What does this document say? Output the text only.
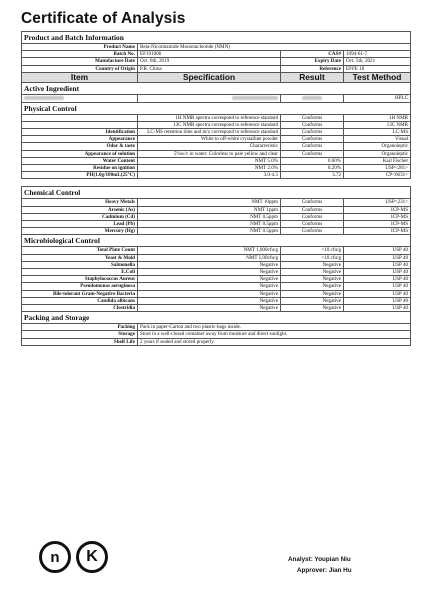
Certificate of Analysis
Product and Batch Information			
Product Name	Beta-Nicotinamide Mononucleotide (NMN)		
Batch No.	EF191006	CAS#	1094-61-7
Manufacture Date	Oct. 6th, 2019	Expiry Date	Oct. 5th, 2021
Country of Origin	P.R. China	Reference	EFFE 18
Item	Specification	Result	Test Method
Active Ingredient			
			HPLC
Physical Control			
	1H NMR spectra correspond to reference standard	Conforms	1H NMR
	13C NMR spectra correspond to reference standard	Conforms	13C NMR
Identification	LC-MS retention time and m/z correspond to reference standard	Conforms	LC-MS
Appearance	White to off-white crystalline powder	Conforms	Visual
Odor & taste	Characteristic	Conforms	Organoleptic
Appearance of solution	5%w/v in water: Colorless to pale yellow and clear	Conforms	Organoleptic
Water Content	NMT 5.0%	0.60%	Karl Fischer
Residue on ignition	NMT 2.0%	0.20%	USP<281>
PH(1.0g/100mL(25°C)	3.0-4.5	3.72	CP<0631>

Chemical Control			
Heavy Metals	NMT 10ppm	Conforms	USP<231>
Arsenic (As)	NMT 1ppm	Conforms	ICP-MS
Cadmium (Cd)	NMT 0.5ppm	Conforms	ICP-MS
Lead (Pb)	NMT 0.5ppm	Conforms	ICP-MS
Mercury (Hg)	NMT 0.5ppm	Conforms	ICP-MS
Microbiological Control			
Total Plate Count	NMT 1,000cfu/g	<10 cfu/g	USP 40
Yeast & Mold	NMT 1,00cfu/g	<10 cfu/g	USP 40
Salmonella	Negative	Negative	USP 40
E.Coli	Negative	Negative	USP 40
Staphylococcus Aureus	Negative	Negative	USP 40
Pseudomonas aeruginosa	Negative	Negative	USP 40
Bile-tolerant Gram-Negative Bacteria	Negative	Negative	USP 40
Candida albicans	Negative	Negative	USP 40
Clostridia	Negative	Negative	USP 40
Packing and Storage			
Packing	Pack in paper-Carton and two plastic-bags inside.		
Storage	Store in a well-closed container away from moisture and direct sunlight.		
Shelf Life	2 years if sealed and stored properly.		
n	K	Analyst: Youpian Niu
Approver: Jian Hu
